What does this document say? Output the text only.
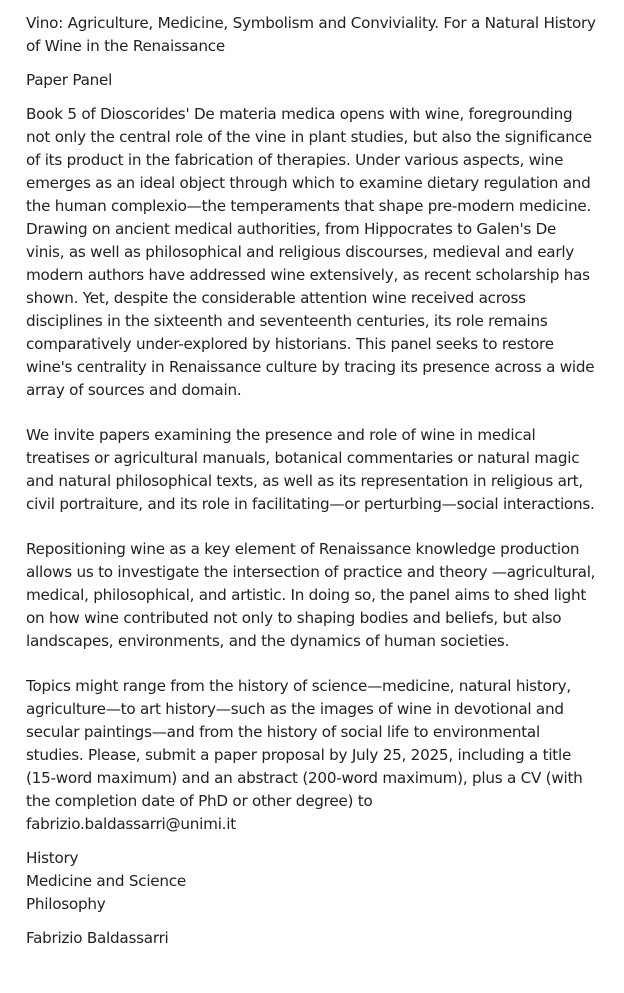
Vino: Agriculture, Medicine, Symbolism and Conviviality. For a Natural History of Wine in the Renaissance
Paper Panel
Book 5 of Dioscorides' De materia medica opens with wine, foregrounding not only the central role of the vine in plant studies, but also the significance of its product in the fabrication of therapies. Under various aspects, wine emerges as an ideal object through which to examine dietary regulation and the human complexio—the temperaments that shape pre-modern medicine. Drawing on ancient medical authorities, from Hippocrates to Galen's De vinis, as well as philosophical and religious discourses, medieval and early modern authors have addressed wine extensively, as recent scholarship has shown. Yet, despite the considerable attention wine received across disciplines in the sixteenth and seventeenth centuries, its role remains comparatively under-explored by historians. This panel seeks to restore wine's centrality in Renaissance culture by tracing its presence across a wide array of sources and domain.
We invite papers examining the presence and role of wine in medical treatises or agricultural manuals, botanical commentaries or natural magic and natural philosophical texts, as well as its representation in religious art, civil portraiture, and its role in facilitating—or perturbing—social interactions.
Repositioning wine as a key element of Renaissance knowledge production allows us to investigate the intersection of practice and theory —agricultural, medical, philosophical, and artistic. In doing so, the panel aims to shed light on how wine contributed not only to shaping bodies and beliefs, but also landscapes, environments, and the dynamics of human societies.
Topics might range from the history of science—medicine, natural history, agriculture—to art history—such as the images of wine in devotional and secular paintings—and from the history of social life to environmental studies. Please, submit a paper proposal by July 25, 2025, including a title (15-word maximum) and an abstract (200-word maximum), plus a CV (with the completion date of PhD or other degree) to
fabrizio.baldassarri@unimi.it
History
Medicine and Science
Philosophy
Fabrizio Baldassarri
